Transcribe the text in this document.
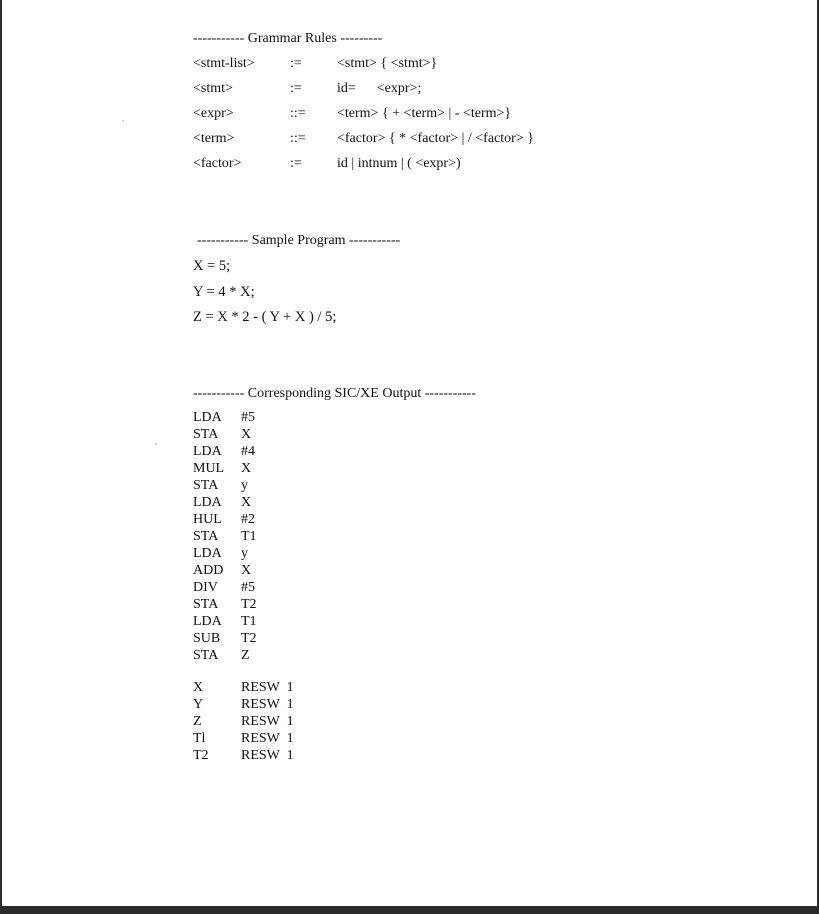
----------- Grammar Rules ---------
<stmt-list>	:=	<stmt> { <stmt>}
<stmt>	:=	id=      <expr>;
<expr>	::= <term> { + <term> | - <term>}
<term>	::= <factor> { * <factor> | / <factor> }
<factor>	:=	id | intnum | ( <expr>)
----------- Sample Program -----------
X = 5;
Y = 4 * X;
Z = X * 2 - ( Y + X ) / 5;
----------- Corresponding SIC/XE Output -----------
LDA #5
STA X
LDA #4
MUL X
STA y
LDA X
HUL #2
STA T1
LDA y
ADD X
DIV #5
STA T2
LDA T1
SUB T2
STA Z
X	RESW  1
Y	RESW  1
Z	RESW  1
Tl	RESW  1
T2 RESW  1
